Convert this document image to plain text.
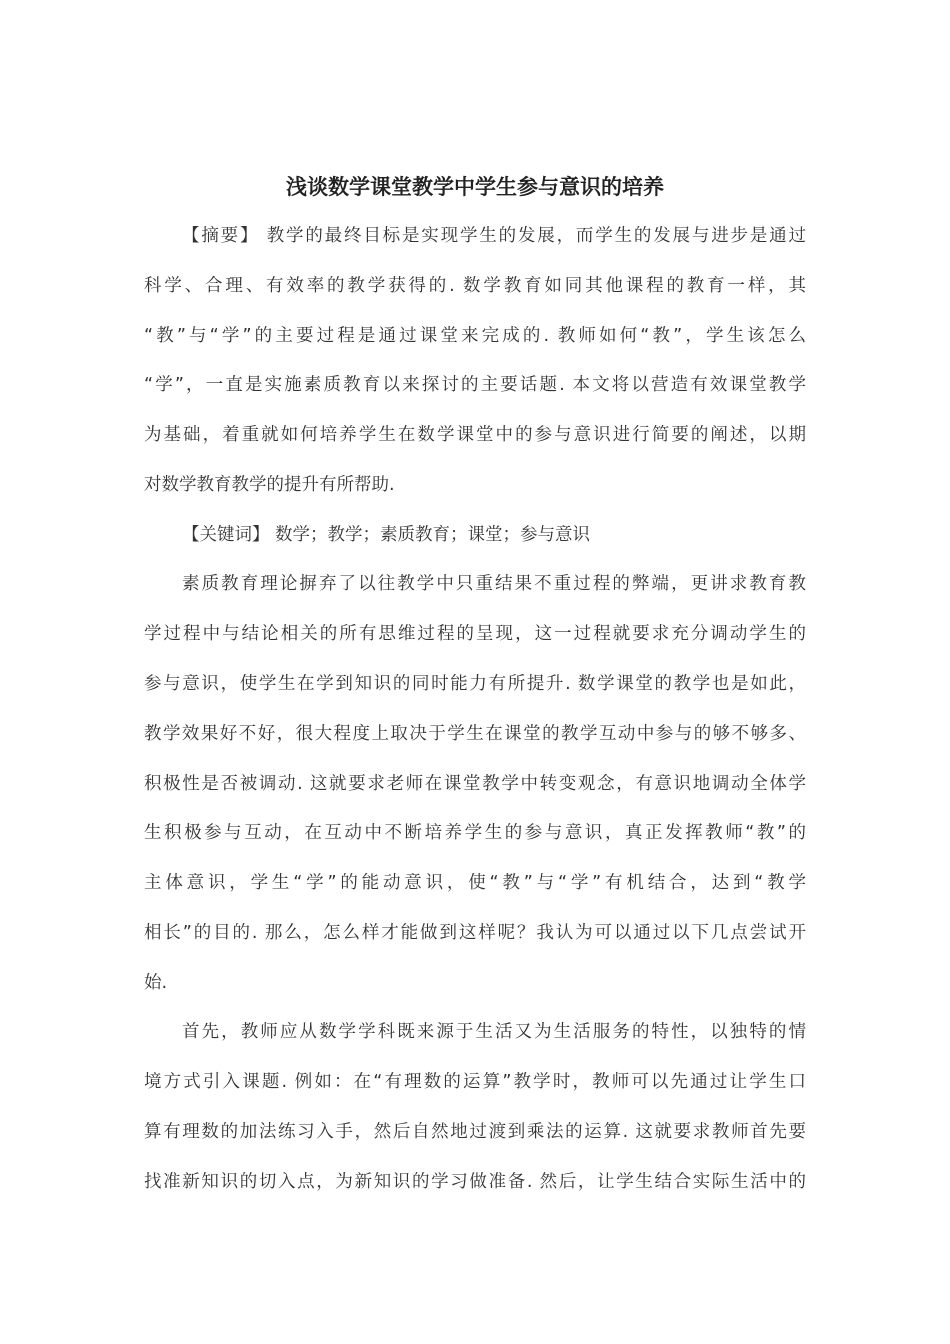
浅谈数学课堂教学中学生参与意识的培养

【摘要】 教学的最终目标是实现学生的发展，而学生的发展与进步是通过

科学、合理、有效率的教学获得的. 数学教育如同其他课程的教育一样，其

“教”与“学”的主要过程是通过课堂来完成的. 教师如何“教”，学生该怎么

“学”，一直是实施素质教育以来探讨的主要话题. 本文将以营造有效课堂教学

为基础，着重就如何培养学生在数学课堂中的参与意识进行简要的阐述，以期

对数学教育教学的提升有所帮助.

【关键词】 数学；教学；素质教育；课堂；参与意识

素质教育理论摒弃了以往教学中只重结果不重过程的弊端，更讲求教育教

学过程中与结论相关的所有思维过程的呈现，这一过程就要求充分调动学生的

参与意识，使学生在学到知识的同时能力有所提升. 数学课堂的教学也是如此，

教学效果好不好，很大程度上取决于学生在课堂的教学互动中参与的够不够多、

积极性是否被调动. 这就要求老师在课堂教学中转变观念，有意识地调动全体学

生积极参与互动，在互动中不断培养学生的参与意识，真正发挥教师“教”的

主体意识，学生“学”的能动意识，使“教”与“学”有机结合，达到“教学

相长”的目的. 那么，怎么样才能做到这样呢？我认为可以通过以下几点尝试开

始.

首先，教师应从数学学科既来源于生活又为生活服务的特性，以独特的情

境方式引入课题. 例如：在“有理数的运算”教学时，教师可以先通过让学生口

算有理数的加法练习入手，然后自然地过渡到乘法的运算. 这就要求教师首先要

找准新知识的切入点，为新知识的学习做准备. 然后，让学生结合实际生活中的
